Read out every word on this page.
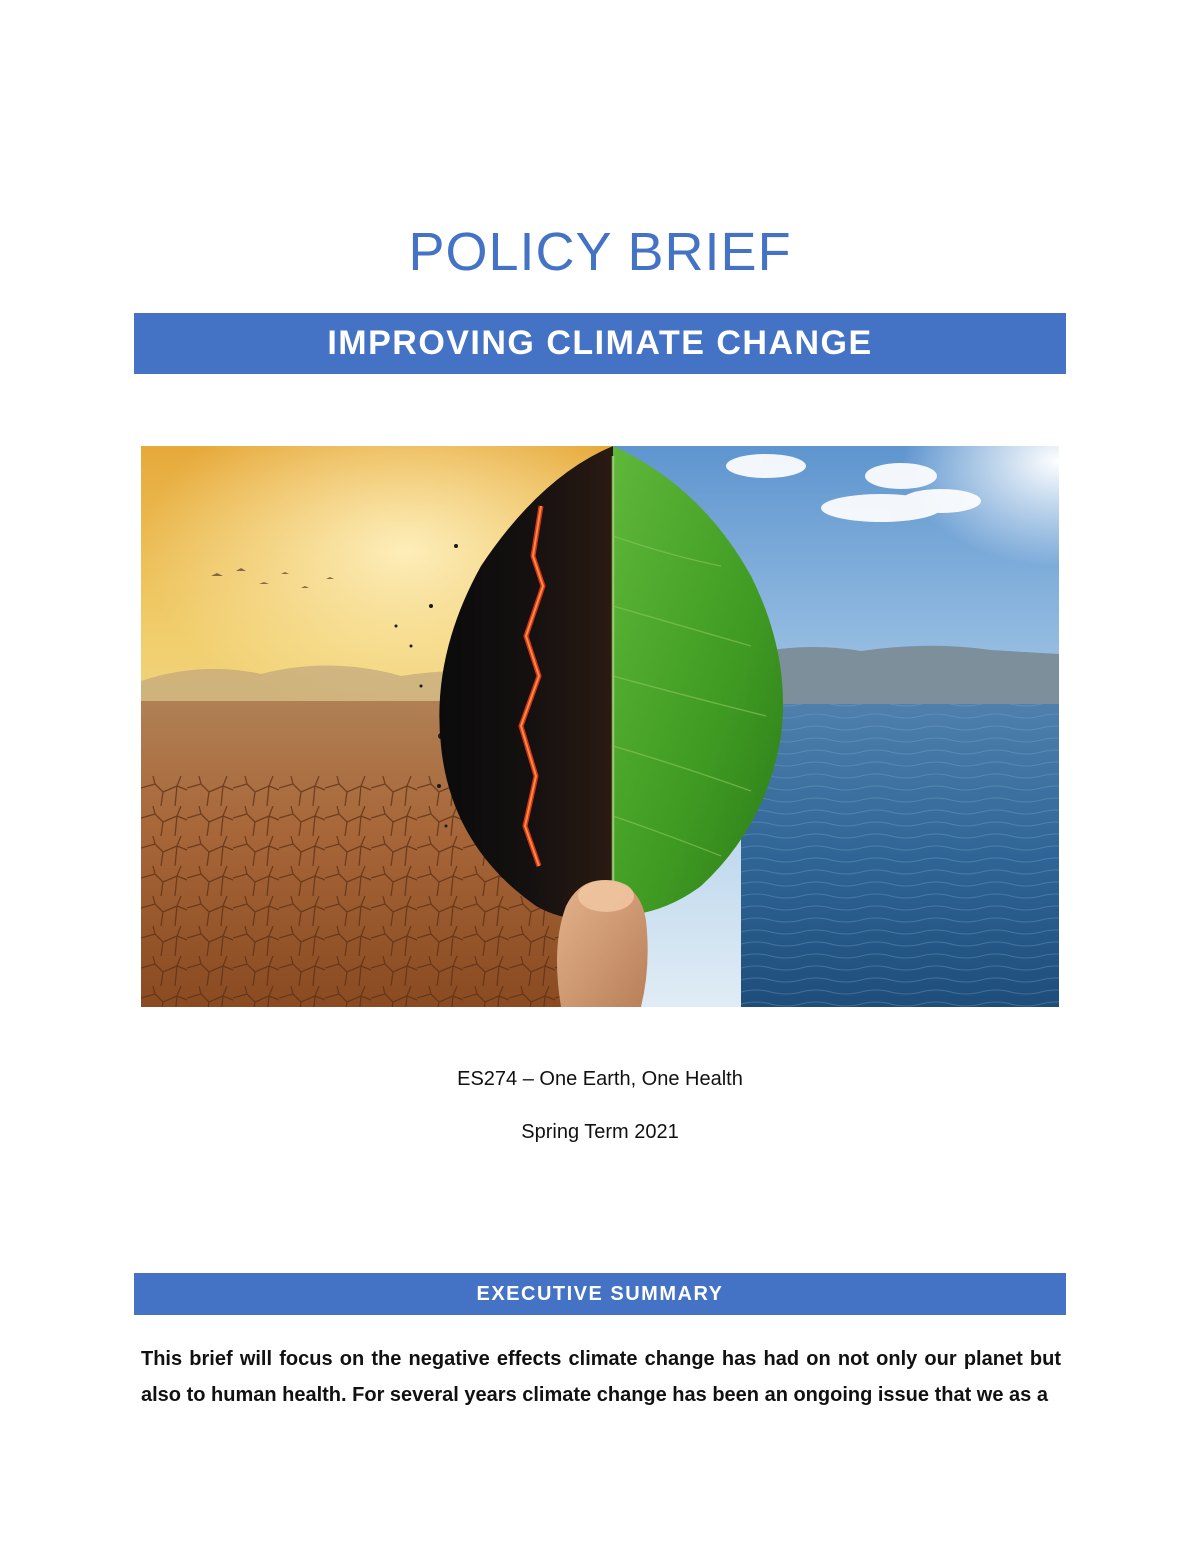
POLICY BRIEF
IMPROVING CLIMATE CHANGE
ES274 – One Earth, One Health
Spring Term 2021
EXECUTIVE SUMMARY
This brief will focus on the negative effects climate change has had on not only our planet but also to human health. For several years climate change has been an ongoing issue that we as a
